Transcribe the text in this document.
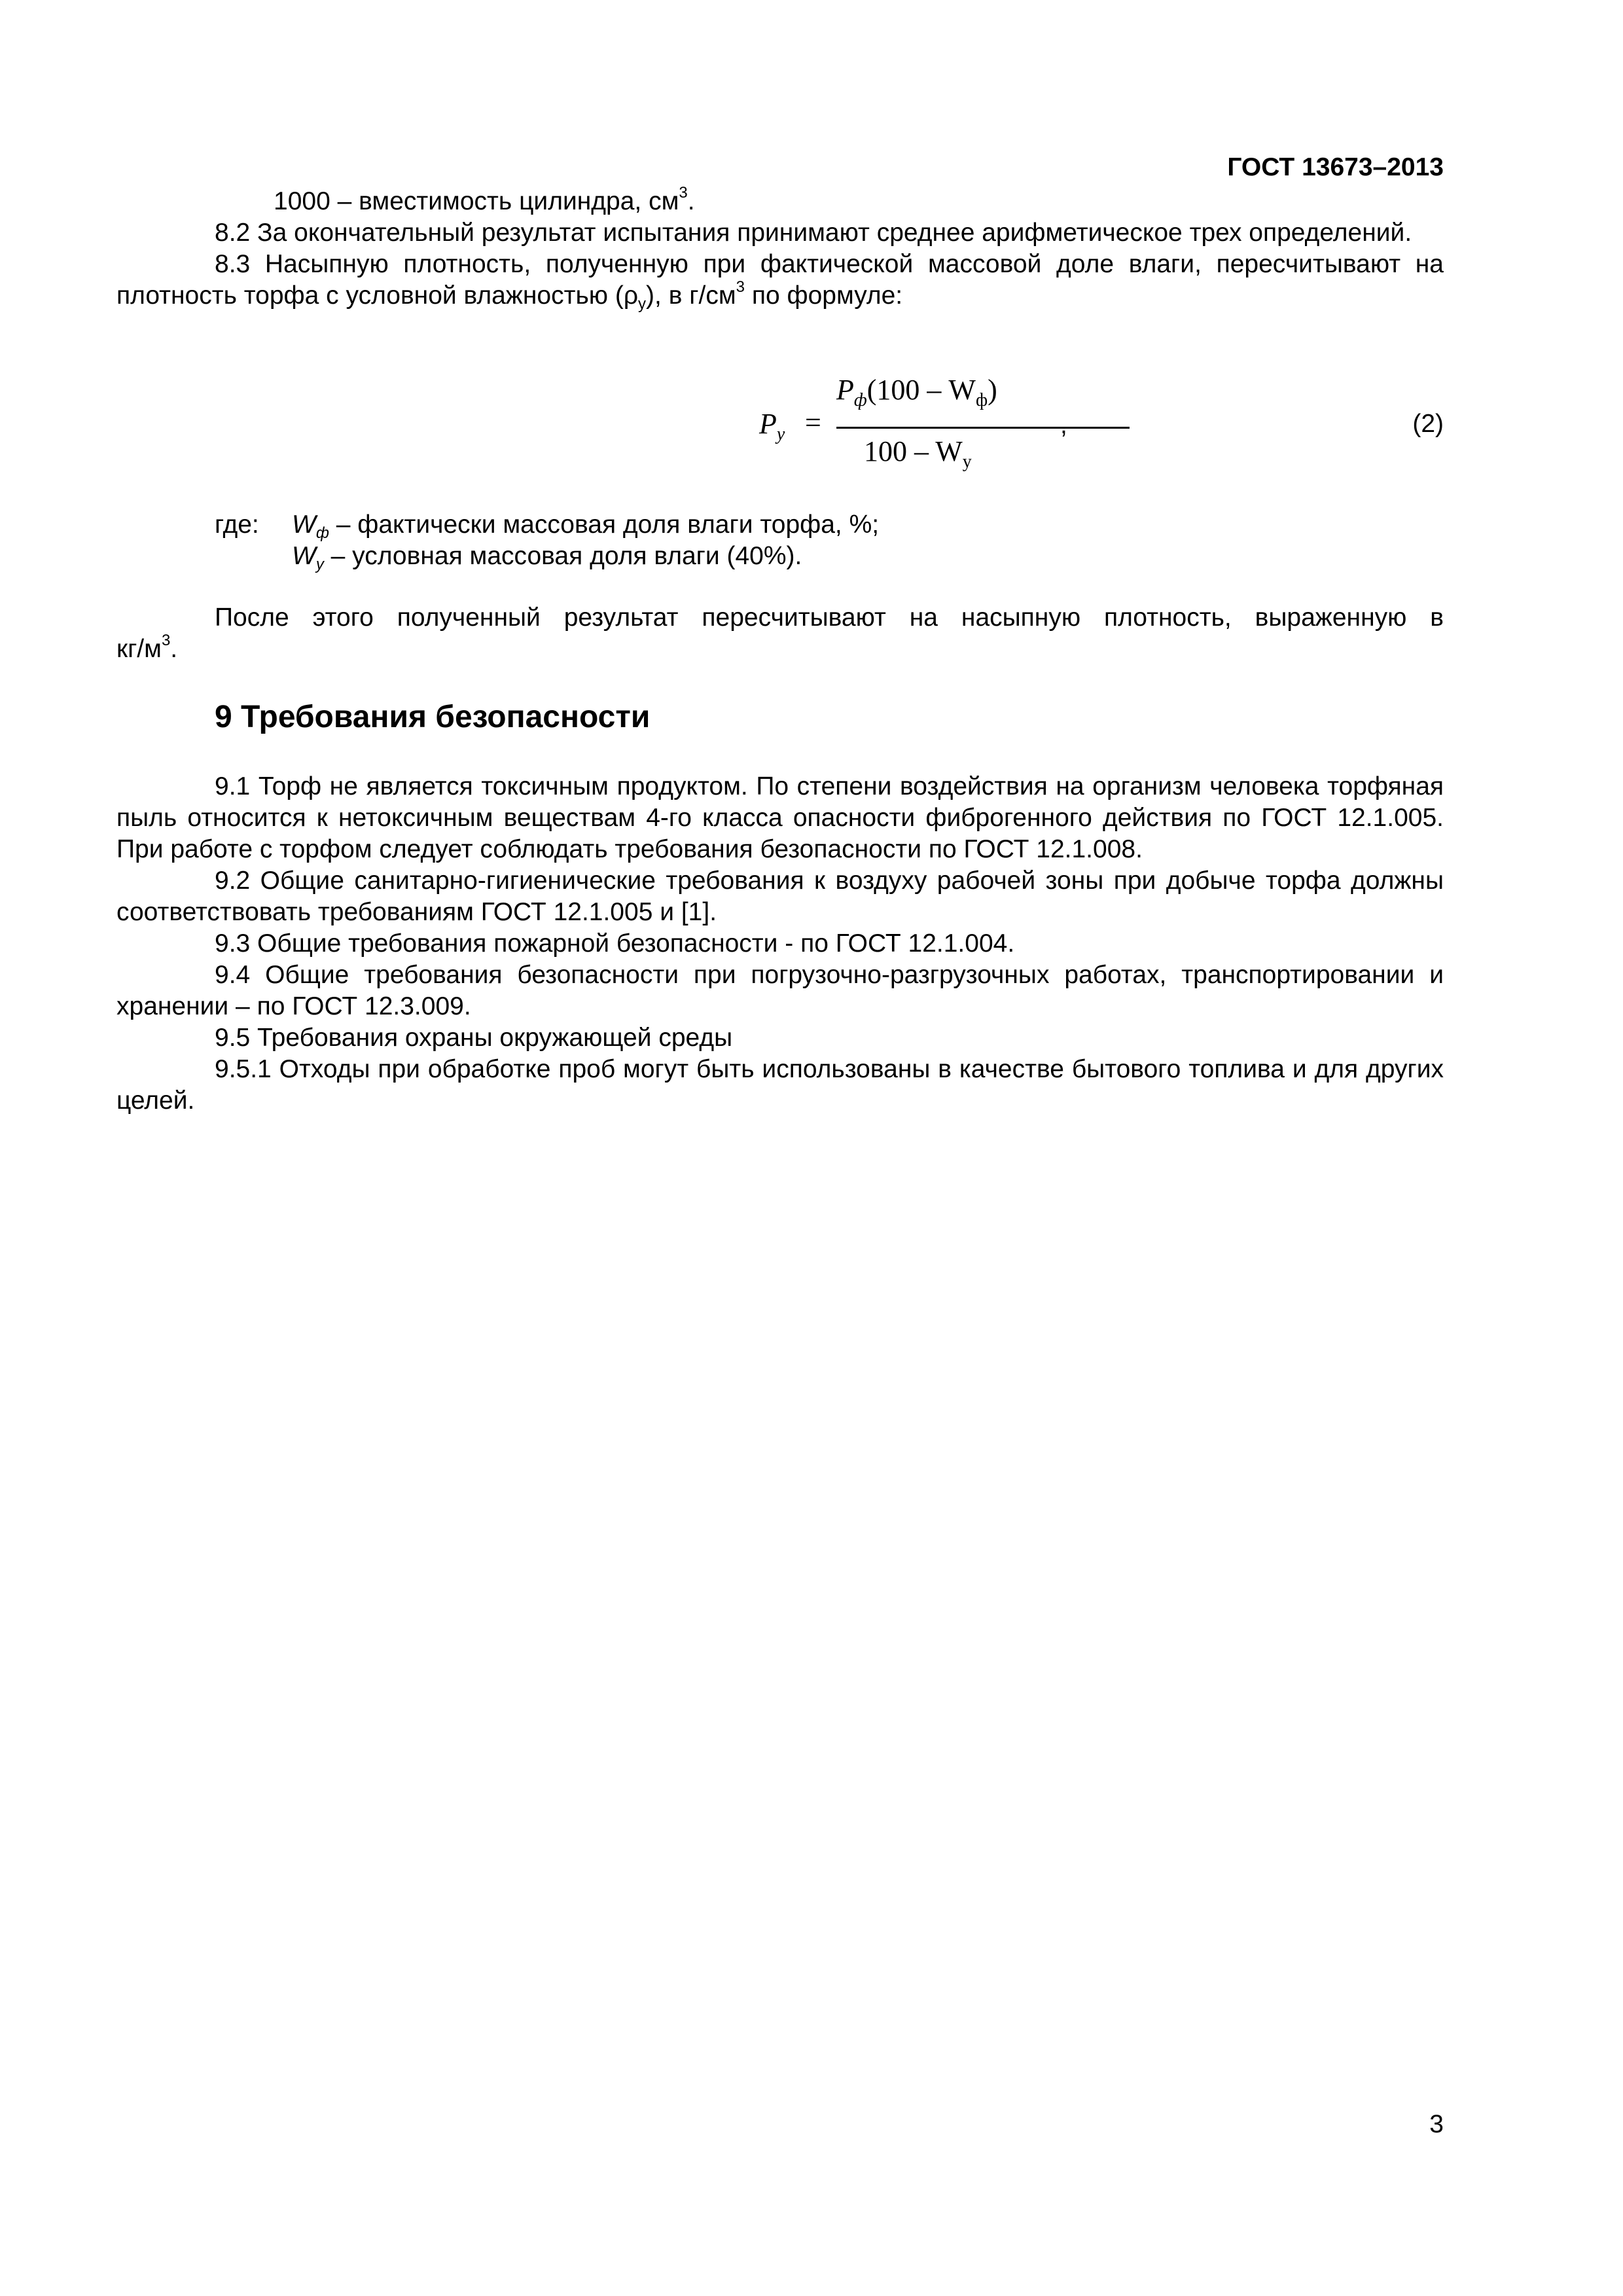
ГОСТ 13673–2013

1000 – вместимость цилиндра, $см^3$.

8.2 За окончательный результат испытания принимают среднее арифметическое трех определений.

8.3 Насыпную плотность, полученную при фактической массовой доле влаги, пересчитывают на плотность торфа с условной влажностью $(\rho_у)$, в $г/см^3$ по формуле:

$P_у$ =
$P_ф(100 - W_ф)$
$100 - W_у$
,	(2)
где: $W_ф$ – фактически массовая доля влаги торфа, %;
$W_у$ – условная массовая доля влаги (40%).

После этого полученный результат пересчитывают на насыпную плотность, выраженную в

$кг/м^3$.

9 Требования безопасности

9.1 Торф не является токсичным продуктом. По степени воздействия на организм человека торфяная пыль относится к нетоксичным веществам 4-го класса опасности фиброгенного действия по ГОСТ 12.1.005. При работе с торфом следует соблюдать требования безопасности по ГОСТ 12.1.008.

9.2 Общие санитарно-гигиенические требования к воздуху рабочей зоны при добыче торфа должны соответствовать требованиям ГОСТ 12.1.005 и [1].

9.3 Общие требования пожарной безопасности - по ГОСТ 12.1.004.

9.4 Общие требования безопасности при погрузочно-разгрузочных работах, транспортировании и хранении – по ГОСТ 12.3.009.

9.5 Требования охраны окружающей среды

9.5.1 Отходы при обработке проб могут быть использованы в качестве бытового топлива и для других целей.

3
